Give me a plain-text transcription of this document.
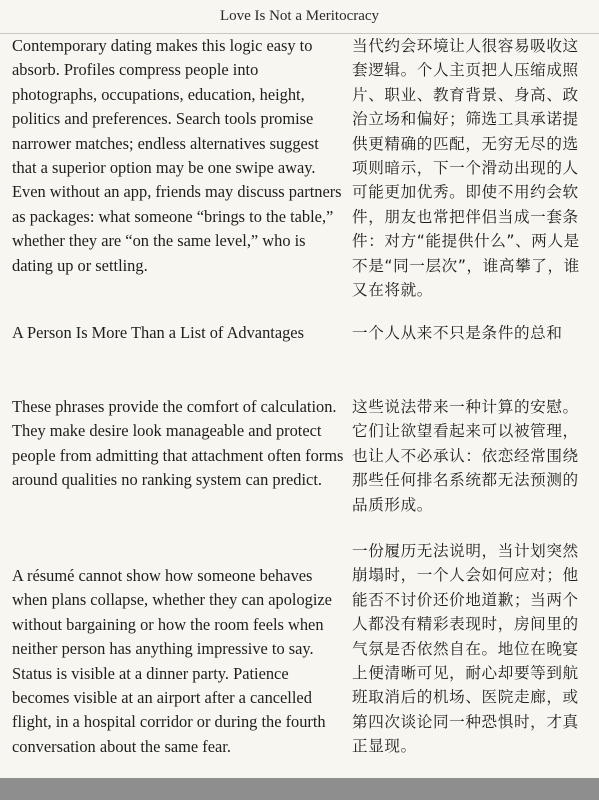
Love Is Not a Meritocracy

Contemporary dating makes this logic easy to absorb. Profiles compress people into photographs, occupations, education, height, politics and preferences. Search tools promise narrower matches; endless alternatives suggest that a superior option may be one swipe away. Even without an app, friends may discuss partners as packages: what someone “brings to the table,” whether they are “on the same level,” who is dating up or settling.

A Person Is More Than a List of Advantages

These phrases provide the comfort of calculation. They make desire look manageable and protect people from admitting that attachment often forms around qualities no ranking system can predict.

A résumé cannot show how someone behaves when plans collapse, whether they can apologize without bargaining or how the room feels when neither person has anything impressive to say. Status is visible at a dinner party. Patience becomes visible at an airport after a cancelled flight, in a hospital corridor or during the fourth conversation about the same fear.

当代约会环境让人很容易吸收这套逻辑。个人主页把人压缩成照片、职业、教育背景、身高、政治立场和偏好；筛选工具承诺提供更精确的匹配，无穷无尽的选项则暗示，下一个滑动出现的人可能更加优秀。即使不用约会软件，朋友也常把伴侣当成一套条件：对方“能提供什么”、两人是不是“同一层次”，谁高攀了，谁又在将就。

一个人从来不只是条件的总和

这些说法带来一种计算的安慰。它们让欲望看起来可以被管理，也让人不必承认：依恋经常围绕那些任何排名系统都无法预测的品质形成。

一份履历无法说明，当计划突然崩塌时，一个人会如何应对；他能否不讨价还价地道歉；当两个人都没有精彩表现时，房间里的气氛是否依然自在。地位在晚宴上便清晰可见，耐心却要等到航班取消后的机场、医院走廊，或第四次谈论同一种恐惧时，才真正显现。
